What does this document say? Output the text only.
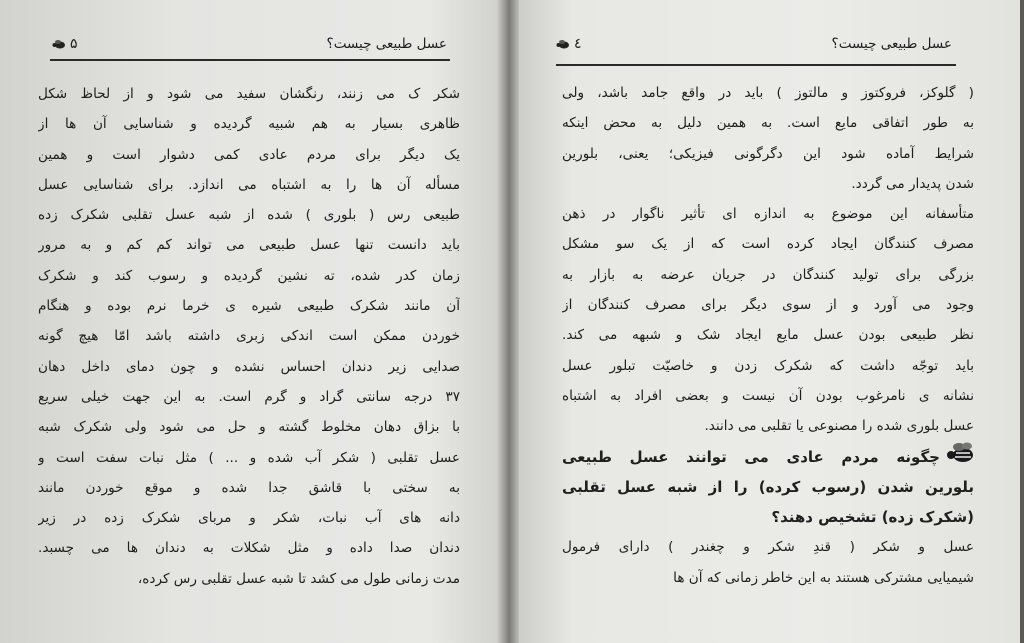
عسل طبیعی چیست؟
۵
شکر ک می زنند، رنگشان سفید می شود و از لحاظ شکل
ظاهری بسیار به هم شبیه گردیده و شناسایی آن ها از
یک دیگر برای مردم عادی کمی دشوار است و همین
مسأله آن ها را به اشتباه می اندازد. برای شناسایی عسل
طبیعی رس ( بلوری ) شده از شبه عسل تقلبی شکرک زده
باید دانست تنها عسل طبیعی می تواند کم کم و به مرور
زمان کدر شده، ته نشین گردیده و رسوب کند و شکرک
آن مانند شکرک طبیعی شیره ی خرما نرم بوده و هنگام
خوردن ممکن است اندکی زبری داشته باشد امّا هیچ گونه
صدایی زیر دندان احساس نشده و چون دمای داخل دهان
۳۷ درجه سانتی گراد و گرم است. به این جهت خیلی سریع
با بزاق دهان مخلوط گشته و حل می شود ولی شکرک شبه
عسل تقلبی ( شکر آب شده و ... ) مثل نبات سفت است و
به سختی با قاشق جدا شده و موقع خوردن مانند
دانه های آب نبات، شکر و مربای شکرک زده در زیر
دندان صدا داده و مثل شکلات به دندان ها می چسبد.
مدت زمانی طول می کشد تا شبه عسل تقلبی رس کرده،
عسل طبیعی چیست؟
٤
( گلوکز، فروکتوز و مالتوز ) باید در واقع جامد باشد، ولی
به طور اتفاقی مایع است. به همین دلیل به محض اینکه
شرایط آماده شود این دگرگونی فیزیکی؛ یعنی، بلورین
شدن پدیدار می گردد.
متأسفانه این موضوع به اندازه ای تأثیر ناگوار در ذهن
مصرف کنندگان ایجاد کرده است که از یک سو مشکل
بزرگی برای تولید کنندگان در جریان عرضه به بازار به
وجود می آورد و از سوی دیگر برای مصرف کنندگان از
نظر طبیعی بودن عسل مایع ایجاد شک و شبهه می کند.
باید توجّه داشت که شکرک زدن و خاصیّت تبلور عسل
نشانه ی نامرغوب بودن آن نیست و بعضی افراد به اشتباه
عسل بلوری شده را مصنوعی یا تقلبی می دانند.
چگونه مردم عادی می توانند عسل طبیعی
بلورین شدن (رسوب کرده) را از شبه عسل تقلبی
(شکرک زده) تشخیص دهند؟
عسل و شکر ( قندِ شکر و چغندر ) دارای فرمول
شیمیایی مشترکی هستند به این خاطر زمانی که آن ها
